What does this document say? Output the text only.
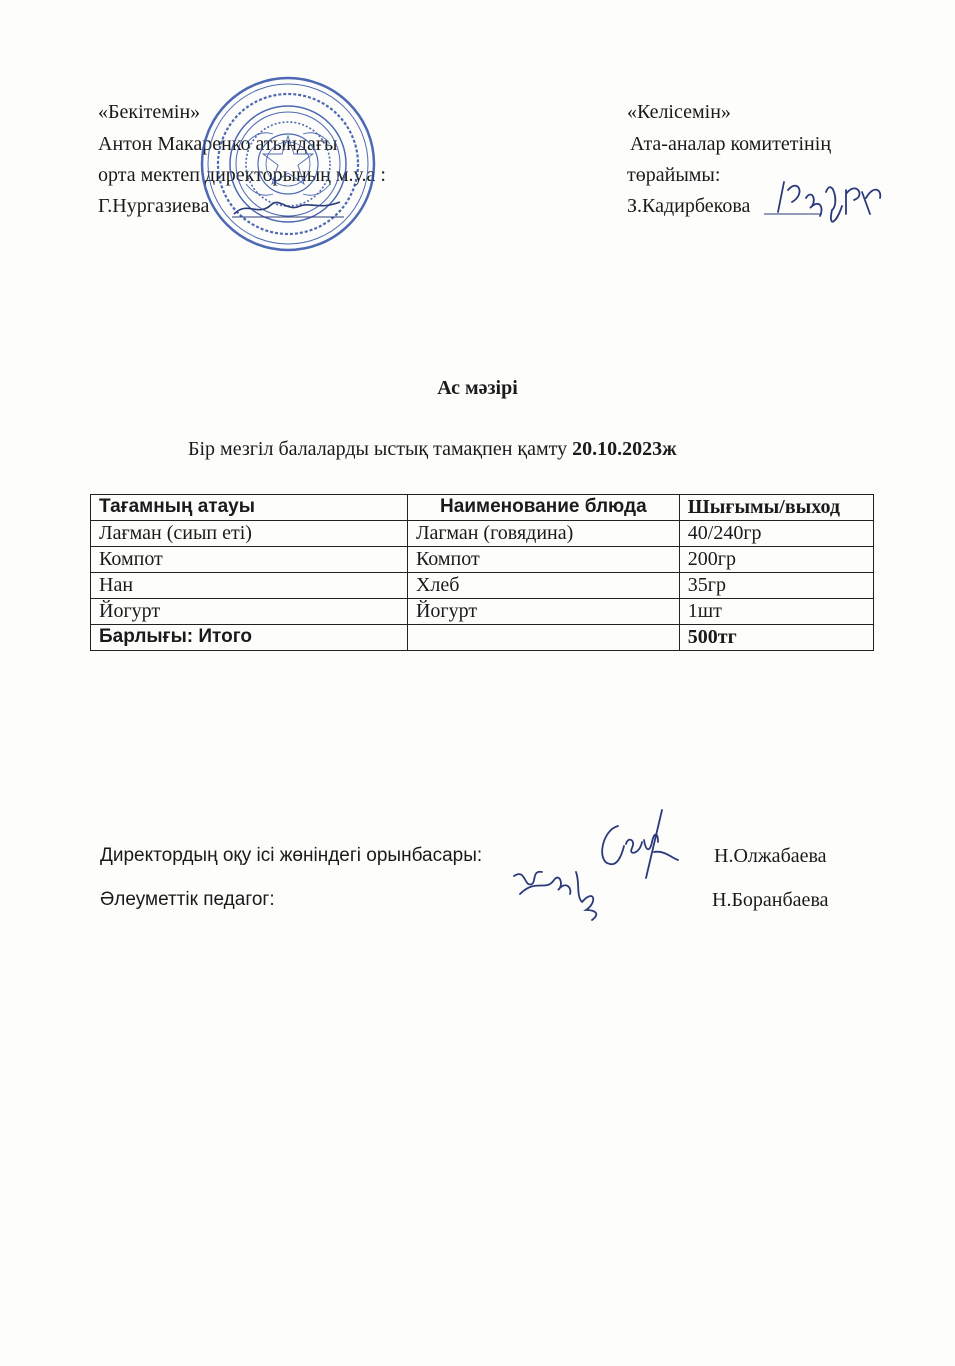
«Бекітемін»
Антон Макаренко атындағы
орта мектеп директорының м.у.а :
Г.Нургазиева
«Келісемін»
Ата-аналар комитетінің
төрайымы:
З.Кадирбекова
Ас мәзірі
Бір мезгіл балаларды ыстық тамақпен қамту 20.10.2023ж
Тағамның атауы	Наименование блюда	Шығымы/выход
Лағман (сиып еті)	Лагман (говядина)	40/240гр
Компот	Компот	200гр
Нан	Хлеб	35гр
Йогурт	Йогурт	1шт
Барлығы: Итого		500тг
Директордың оқу ісі жөніндегі орынбасары:	Н.Олжабаева
Әлеуметтік педагог:	Н.Боранбаева
